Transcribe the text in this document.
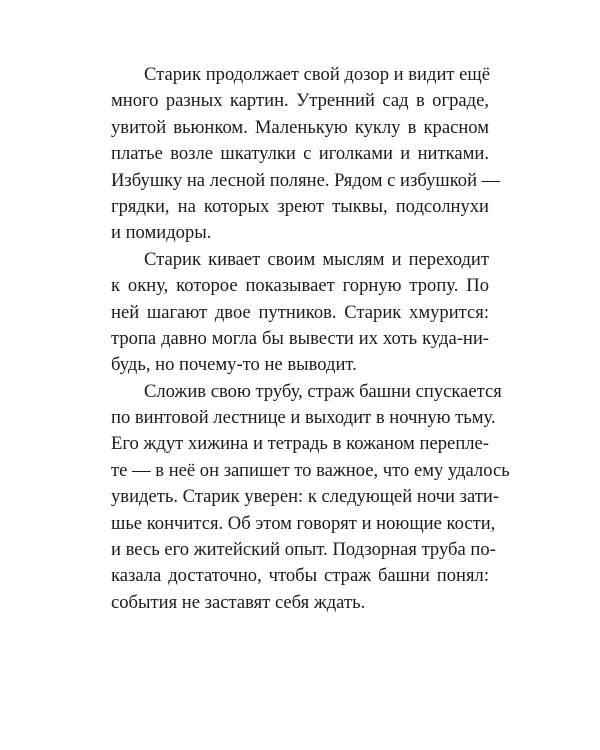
Старик продолжает свой дозор и видит ещё
много разных картин. Утренний сад в ограде,
увитой вьюнком. Маленькую куклу в красном
платье возле шкатулки с иголками и нитками.
Избушку на лесной поляне. Рядом с избушкой —
грядки, на которых зреют тыквы, подсолнухи
и помидоры.

Старик кивает своим мыслям и переходит
к окну, которое показывает горную тропу. По
ней шагают двое путников. Старик хмурится:
тропа давно могла бы вывести их хоть куда-ни-
будь, но почему-то не выводит.

Сложив свою трубу, страж башни спускается
по винтовой лестнице и выходит в ночную тьму.
Его ждут хижина и тетрадь в кожаном перепле-
те — в неё он запишет то важное, что ему удалось
увидеть. Старик уверен: к следующей ночи зати-
шье кончится. Об этом говорят и ноющие кости,
и весь его житейский опыт. Подзорная труба по-
казала достаточно, чтобы страж башни понял:
события не заставят себя ждать.
